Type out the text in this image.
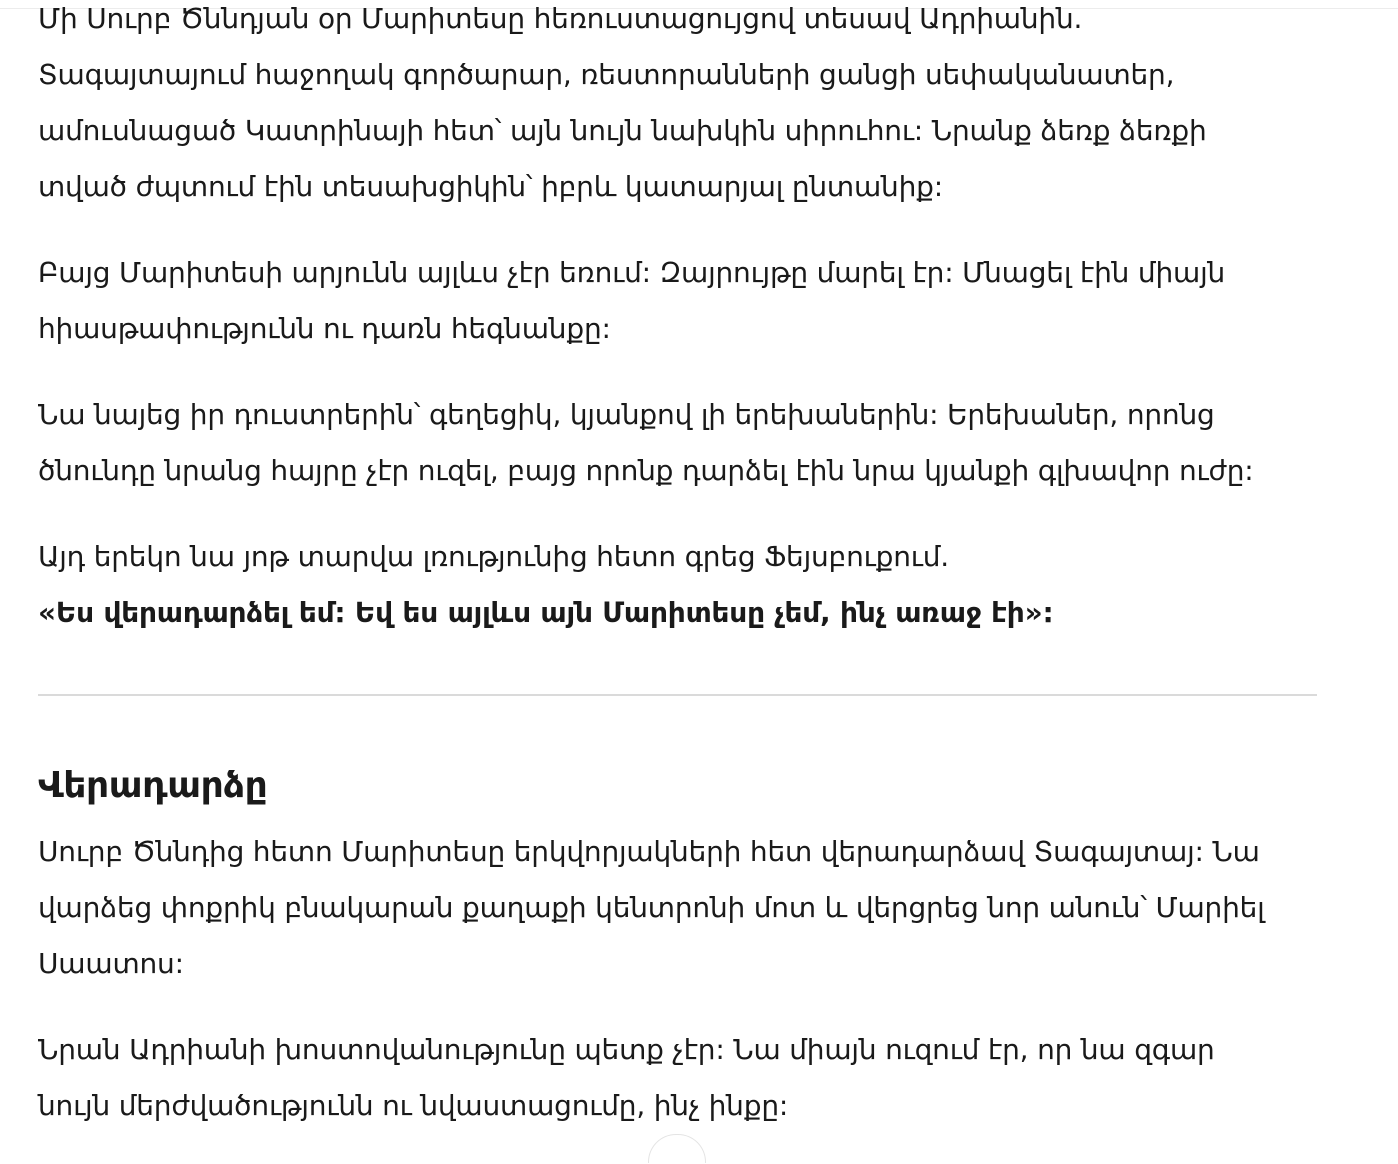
Մի Սուրբ Ծննդյան օր Մարիտեսը հեռուստացույցով տեսավ Ադրիանին.
Տագայտայում հաջողակ գործարար, ռեստորանների ցանցի սեփականատեր,
ամուսնացած Կատրինայի հետ՝ այն նույն նախկին սիրուհու: Նրանք ձեռք ձեռքի
տված ժպտում էին տեսախցիկին՝ իբրև կատարյալ ընտանիք:

Բայց Մարիտեսի արյունն այլևս չէր եռում: Զայրույթը մարել էր: Մնացել էին միայն
հիասթափությունն ու դառն հեգնանքը:

Նա նայեց իր դուստրերին՝ գեղեցիկ, կյանքով լի երեխաներին: Երեխաներ, որոնց
ծնունդը նրանց հայրը չէր ուզել, բայց որոնք դարձել էին նրա կյանքի գլխավոր ուժը:

Այդ երեկո նա յոթ տարվա լռությունից հետո գրեց Ֆեյսբուքում.
«Ես վերադարձել եմ: Եվ ես այլևս այն Մարիտեսը չեմ, ինչ առաջ էի»:

Վերադարձը

Սուրբ Ծննդից հետո Մարիտեսը երկվորյակների հետ վերադարձավ Տագայտայ: Նա
վարձեց փոքրիկ բնակարան քաղաքի կենտրոնի մոտ և վերցրեց նոր անուն՝ Մարիել
Սաատոս:

Նրան Ադրիանի խոստովանությունը պետք չէր: Նա միայն ուզում էր, որ նա զգար
նույն մերժվածությունն ու նվաստացումը, ինչ ինքը:
